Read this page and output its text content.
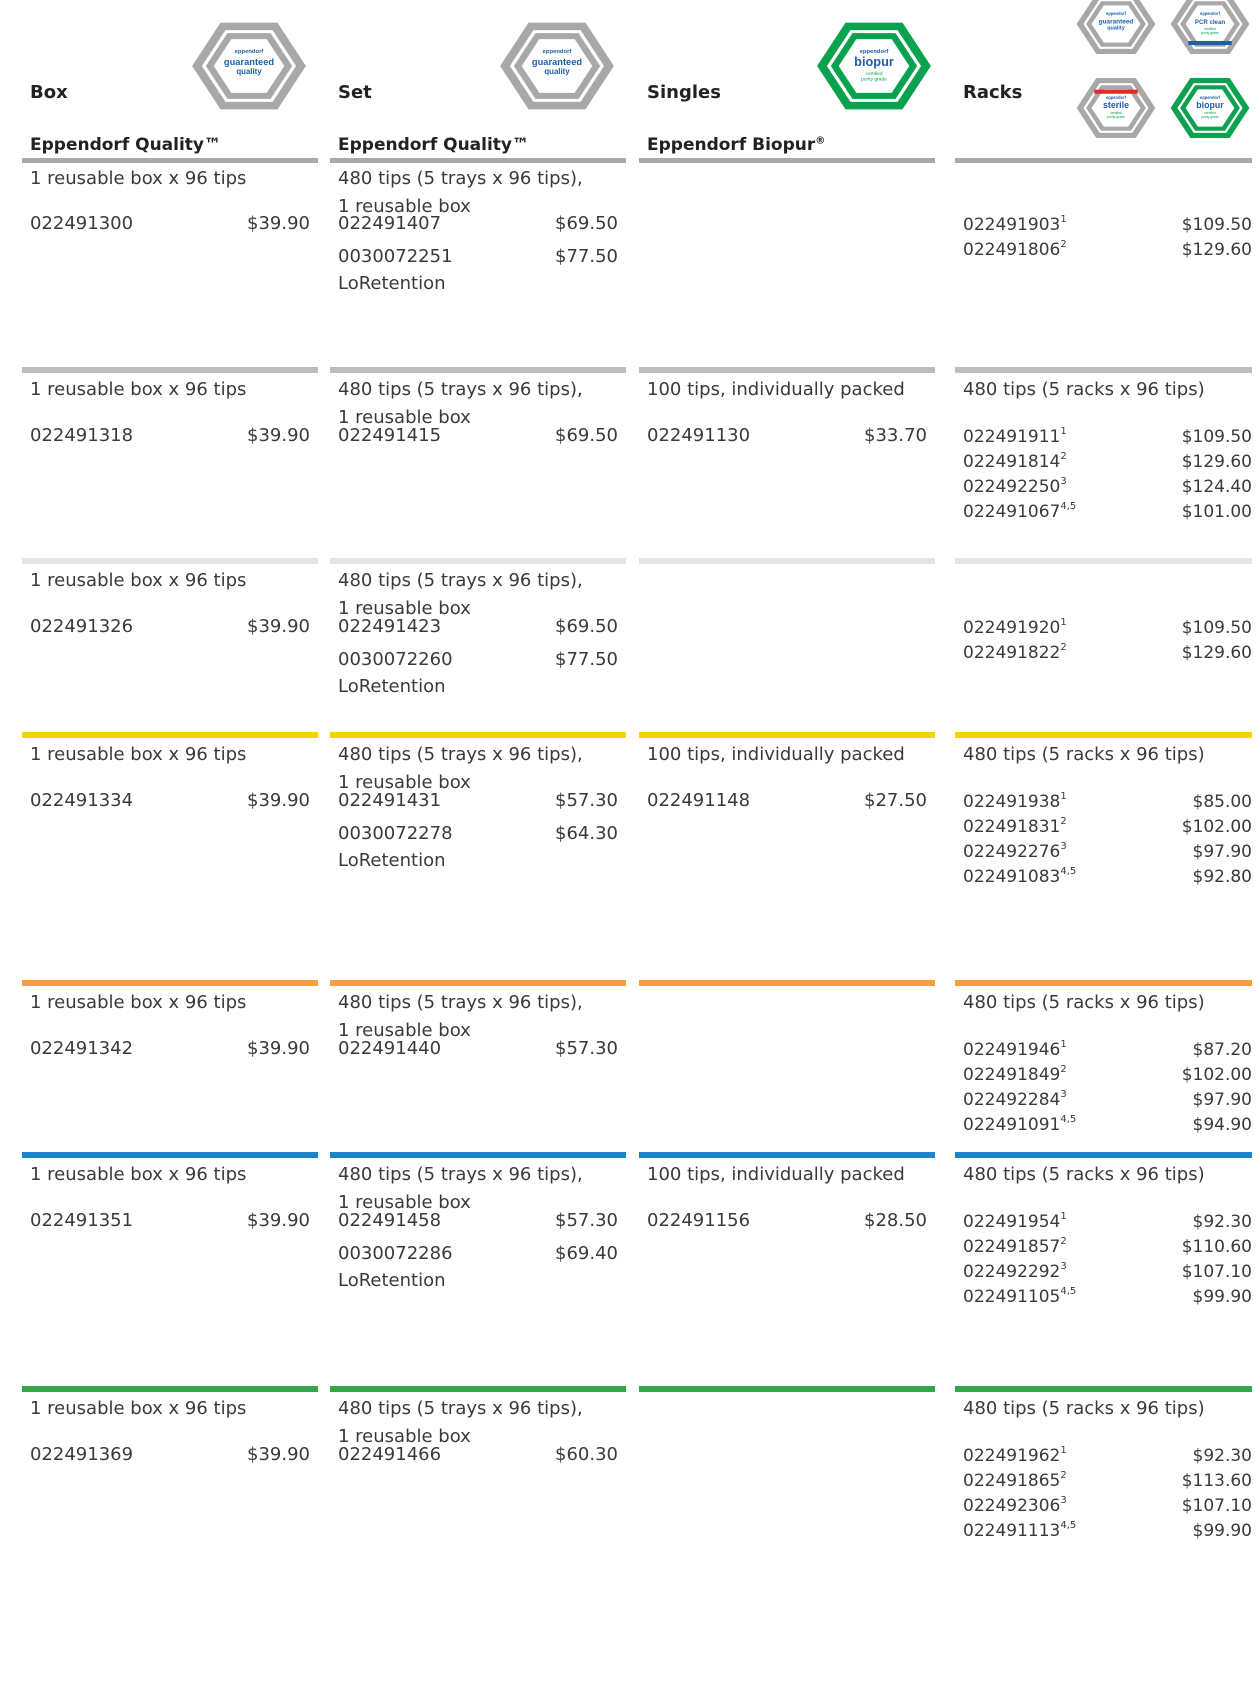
Box
Eppendorf Quality™
eppendorf
guaranteed
quality
Set
Eppendorf Quality™
eppendorf
guaranteed
quality
Singles
Eppendorf Biopur®
eppendorf
biopur
certified
purity grade
Racks
eppendorf
guaranteed
quality
eppendorf
PCR clean
certified
purity grade
eppendorf
sterile
certified
purity grade
eppendorf
biopur
certified
purity grade
1 reusable box x 96 tips
022491300	$39.90
480 tips (5 trays x 96 tips),
1 reusable box
022491407	$69.50
0030072251	$77.50
LoRetention
022491903$^1$	$109.50
022491806$^2$	$129.60
1 reusable box x 96 tips
022491318	$39.90
480 tips (5 trays x 96 tips),
1 reusable box
022491415	$69.50
100 tips, individually packed
022491130	$33.70
480 tips (5 racks x 96 tips)
022491911$^1$	$109.50
022491814$^2$	$129.60
022492250$^3$	$124.40
022491067$^{4,5}$	$101.00
1 reusable box x 96 tips
022491326	$39.90
480 tips (5 trays x 96 tips),
1 reusable box
022491423	$69.50
0030072260	$77.50
LoRetention
022491920$^1$	$109.50
022491822$^2$	$129.60
1 reusable box x 96 tips
022491334	$39.90
480 tips (5 trays x 96 tips),
1 reusable box
022491431	$57.30
0030072278	$64.30
LoRetention
100 tips, individually packed
022491148	$27.50
480 tips (5 racks x 96 tips)
022491938$^1$	$85.00
022491831$^2$	$102.00
022492276$^3$	$97.90
022491083$^{4,5}$	$92.80
1 reusable box x 96 tips
022491342	$39.90
480 tips (5 trays x 96 tips),
1 reusable box
022491440	$57.30
480 tips (5 racks x 96 tips)
022491946$^1$	$87.20
022491849$^2$	$102.00
022492284$^3$	$97.90
022491091$^{4,5}$	$94.90
1 reusable box x 96 tips
022491351	$39.90
480 tips (5 trays x 96 tips),
1 reusable box
022491458	$57.30
0030072286	$69.40
LoRetention
100 tips, individually packed
022491156	$28.50
480 tips (5 racks x 96 tips)
022491954$^1$	$92.30
022491857$^2$	$110.60
022492292$^3$	$107.10
022491105$^{4,5}$	$99.90
1 reusable box x 96 tips
022491369	$39.90
480 tips (5 trays x 96 tips),
1 reusable box
022491466	$60.30
480 tips (5 racks x 96 tips)
022491962$^1$	$92.30
022491865$^2$	$113.60
022492306$^3$	$107.10
022491113$^{4,5}$	$99.90
